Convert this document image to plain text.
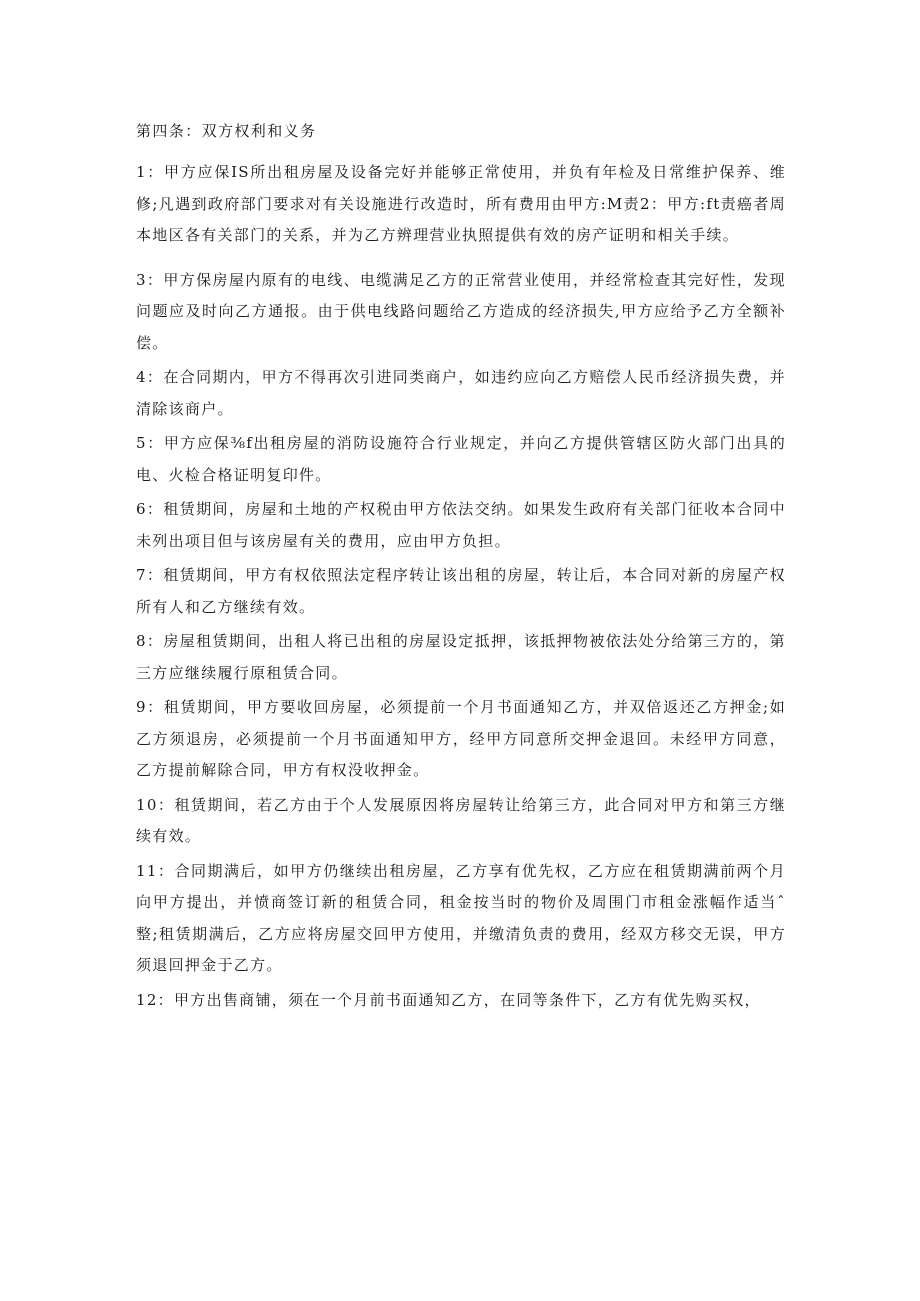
第四条：双方权利和义务

1：甲方应保IS所出租房屋及设备完好并能够正常使用，并负有年检及日常维护保养、维修;凡遇到政府部门要求对有关设施进行改造时，所有费用由甲方:M责2：甲方:ft责癌者周本地区各有关部门的关系，并为乙方辨理营业执照提供有效的房产证明和相关手续。

3：甲方保房屋内原有的电线、电缆满足乙方的正常营业使用，并经常检查其完好性，发现问题应及时向乙方通报。由于供电线路问题给乙方造成的经济损失,甲方应给予乙方全额补偿。

4：在合同期内，甲方不得再次引进同类商户，如违约应向乙方赔偿人民币经济损失费，并清除该商户。

5：甲方应保⅜f出租房屋的消防设施符合行业规定，并向乙方提供管辖区防火部门出具的电、火检合格证明复印件。

6：租赁期间，房屋和土地的产权税由甲方依法交纳。如果发生政府有关部门征收本合同中未列出项目但与该房屋有关的费用，应由甲方负担。

7：租赁期间，甲方有权依照法定程序转让该出租的房屋，转让后，本合同对新的房屋产权所有人和乙方继续有效。

8：房屋租赁期间，出租人将已出租的房屋设定抵押，该抵押物被依法处分给第三方的，第三方应继续履行原租赁合同。

9：租赁期间，甲方要收回房屋，必须提前一个月书面通知乙方，并双倍返还乙方押金;如乙方须退房，必须提前一个月书面通知甲方，经甲方同意所交押金退回。未经甲方同意，乙方提前解除合同，甲方有权没收押金。

10：租赁期间，若乙方由于个人发展原因将房屋转让给第三方，此合同对甲方和第三方继续有效。

11：合同期满后，如甲方仍继续出租房屋，乙方享有优先权，乙方应在租赁期满前两个月向甲方提出，并愤商签订新的租赁合同，租金按当时的物价及周围门市租金涨幅作适当ˆ整;租赁期满后，乙方应将房屋交回甲方使用，并缴清负责的费用，经双方移交无误，甲方须退回押金于乙方。

12：甲方出售商铺，须在一个月前书面通知乙方，在同等条件下，乙方有优先购买权，
